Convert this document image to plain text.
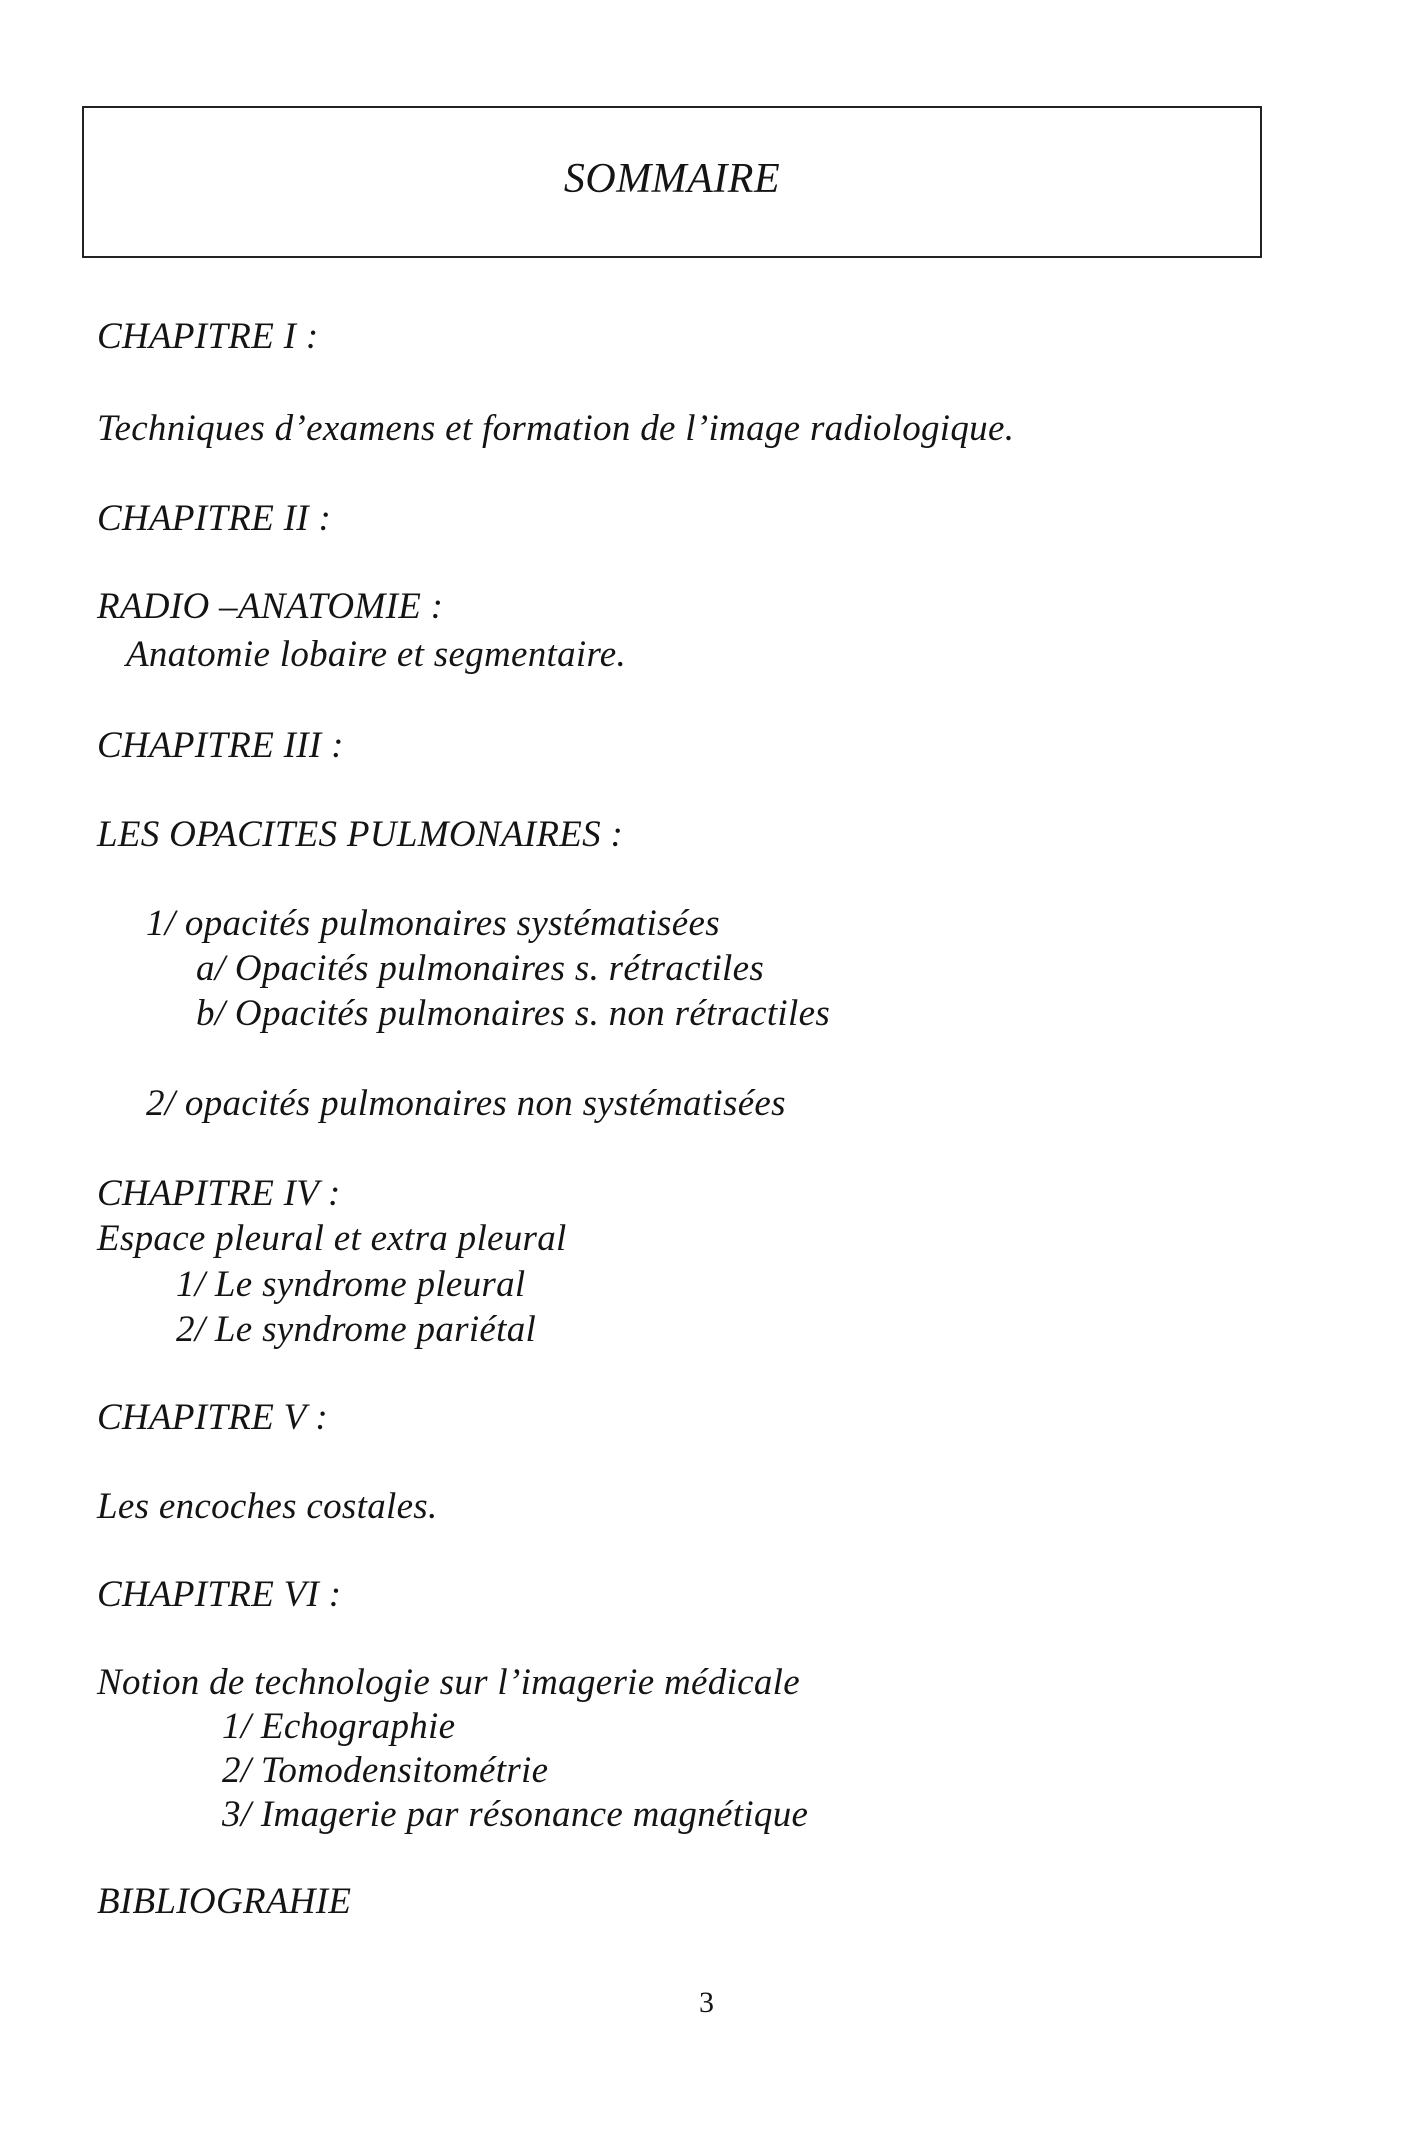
SOMMAIRE
CHAPITRE I :
Techniques d’examens et formation de l’image radiologique.
CHAPITRE II :
RADIO –ANATOMIE :
Anatomie lobaire et segmentaire.
CHAPITRE III :
LES OPACITES PULMONAIRES :
1/ opacités pulmonaires systématisées
a/ Opacités pulmonaires s. rétractiles
b/ Opacités pulmonaires s. non rétractiles
2/ opacités pulmonaires non systématisées
CHAPITRE IV :
Espace pleural et extra pleural
1/ Le syndrome pleural
2/ Le syndrome pariétal
CHAPITRE V :
Les encoches costales.
CHAPITRE VI :
Notion de technologie sur l’imagerie médicale
1/ Echographie
2/ Tomodensitométrie
3/ Imagerie par résonance magnétique
BIBLIOGRAHIE
3
